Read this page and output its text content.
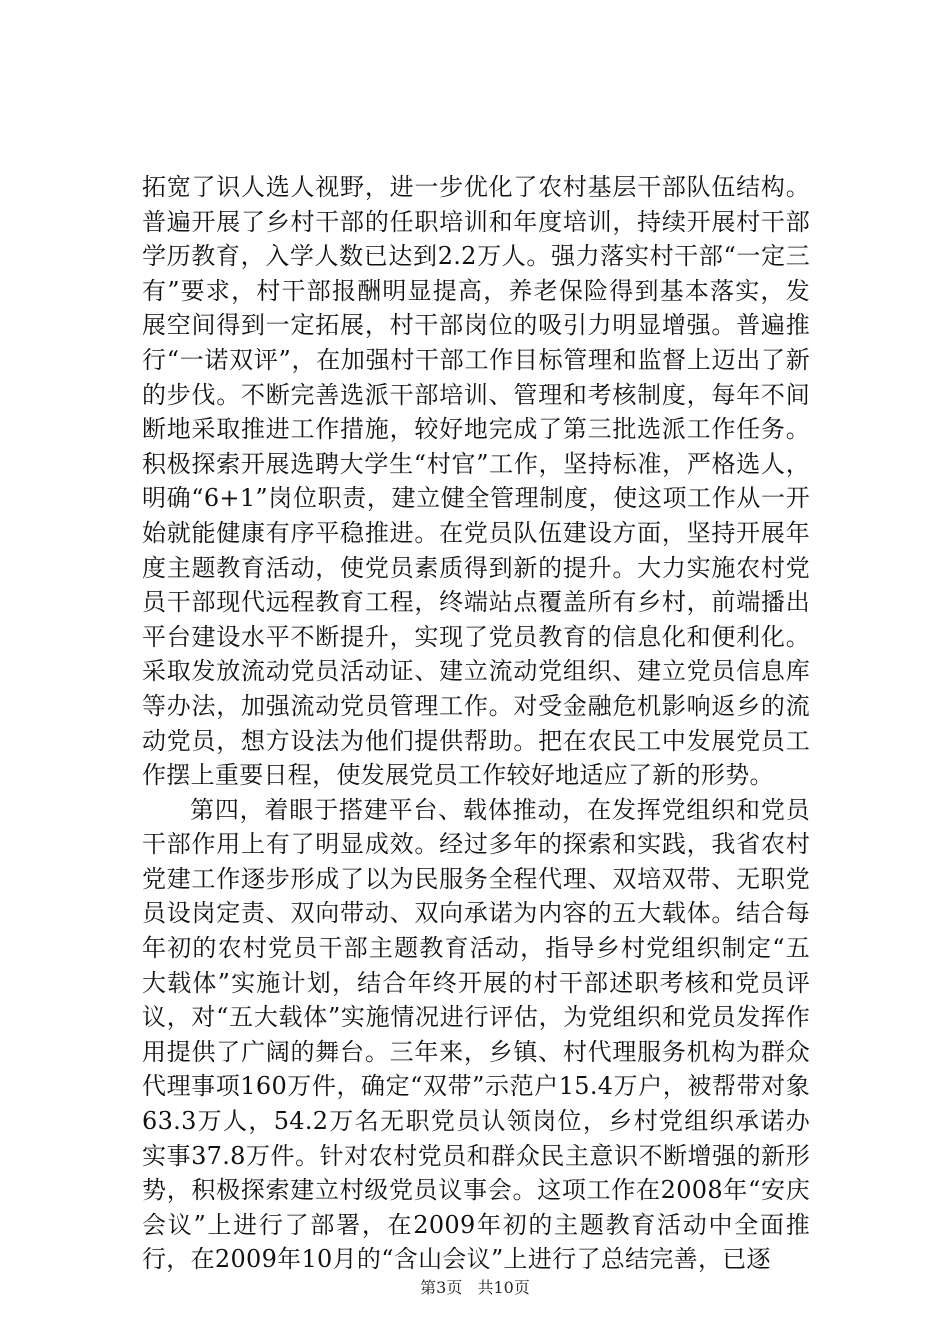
拓宽了识人选人视野，进一步优化了农村基层干部队伍结构。普遍开展了乡村干部的任职培训和年度培训，持续开展村干部学历教育，入学人数已达到2.2万人。强力落实村干部“一定三有”要求，村干部报酬明显提高，养老保险得到基本落实，发展空间得到一定拓展，村干部岗位的吸引力明显增强。普遍推行“一诺双评”，在加强村干部工作目标管理和监督上迈出了新的步伐。不断完善选派干部培训、管理和考核制度，每年不间断地采取推进工作措施，较好地完成了第三批选派工作任务。积极探索开展选聘大学生“村官”工作，坚持标准，严格选人，明确“6+1”岗位职责，建立健全管理制度，使这项工作从一开始就能健康有序平稳推进。在党员队伍建设方面，坚持开展年度主题教育活动，使党员素质得到新的提升。大力实施农村党员干部现代远程教育工程，终端站点覆盖所有乡村，前端播出平台建设水平不断提升，实现了党员教育的信息化和便利化。采取发放流动党员活动证、建立流动党组织、建立党员信息库等办法，加强流动党员管理工作。对受金融危机影响返乡的流动党员，想方设法为他们提供帮助。把在农民工中发展党员工作摆上重要日程，使发展党员工作较好地适应了新的形势。

第四，着眼于搭建平台、载体推动，在发挥党组织和党员干部作用上有了明显成效。经过多年的探索和实践，我省农村党建工作逐步形成了以为民服务全程代理、双培双带、无职党员设岗定责、双向带动、双向承诺为内容的五大载体。结合每年初的农村党员干部主题教育活动，指导乡村党组织制定“五大载体”实施计划，结合年终开展的村干部述职考核和党员评议，对“五大载体”实施情况进行评估，为党组织和党员发挥作用提供了广阔的舞台。三年来，乡镇、村代理服务机构为群众代理事项160万件，确定“双带”示范户15.4万户，被帮带对象63.3万人，54.2万名无职党员认领岗位，乡村党组织承诺办实事37.8万件。针对农村党员和群众民主意识不断增强的新形势，积极探索建立村级党员议事会。这项工作在2008年“安庆会议”上进行了部署，在2009年初的主题教育活动中全面推行，在2009年10月的“含山会议”上进行了总结完善，已逐

第3页 共10页
